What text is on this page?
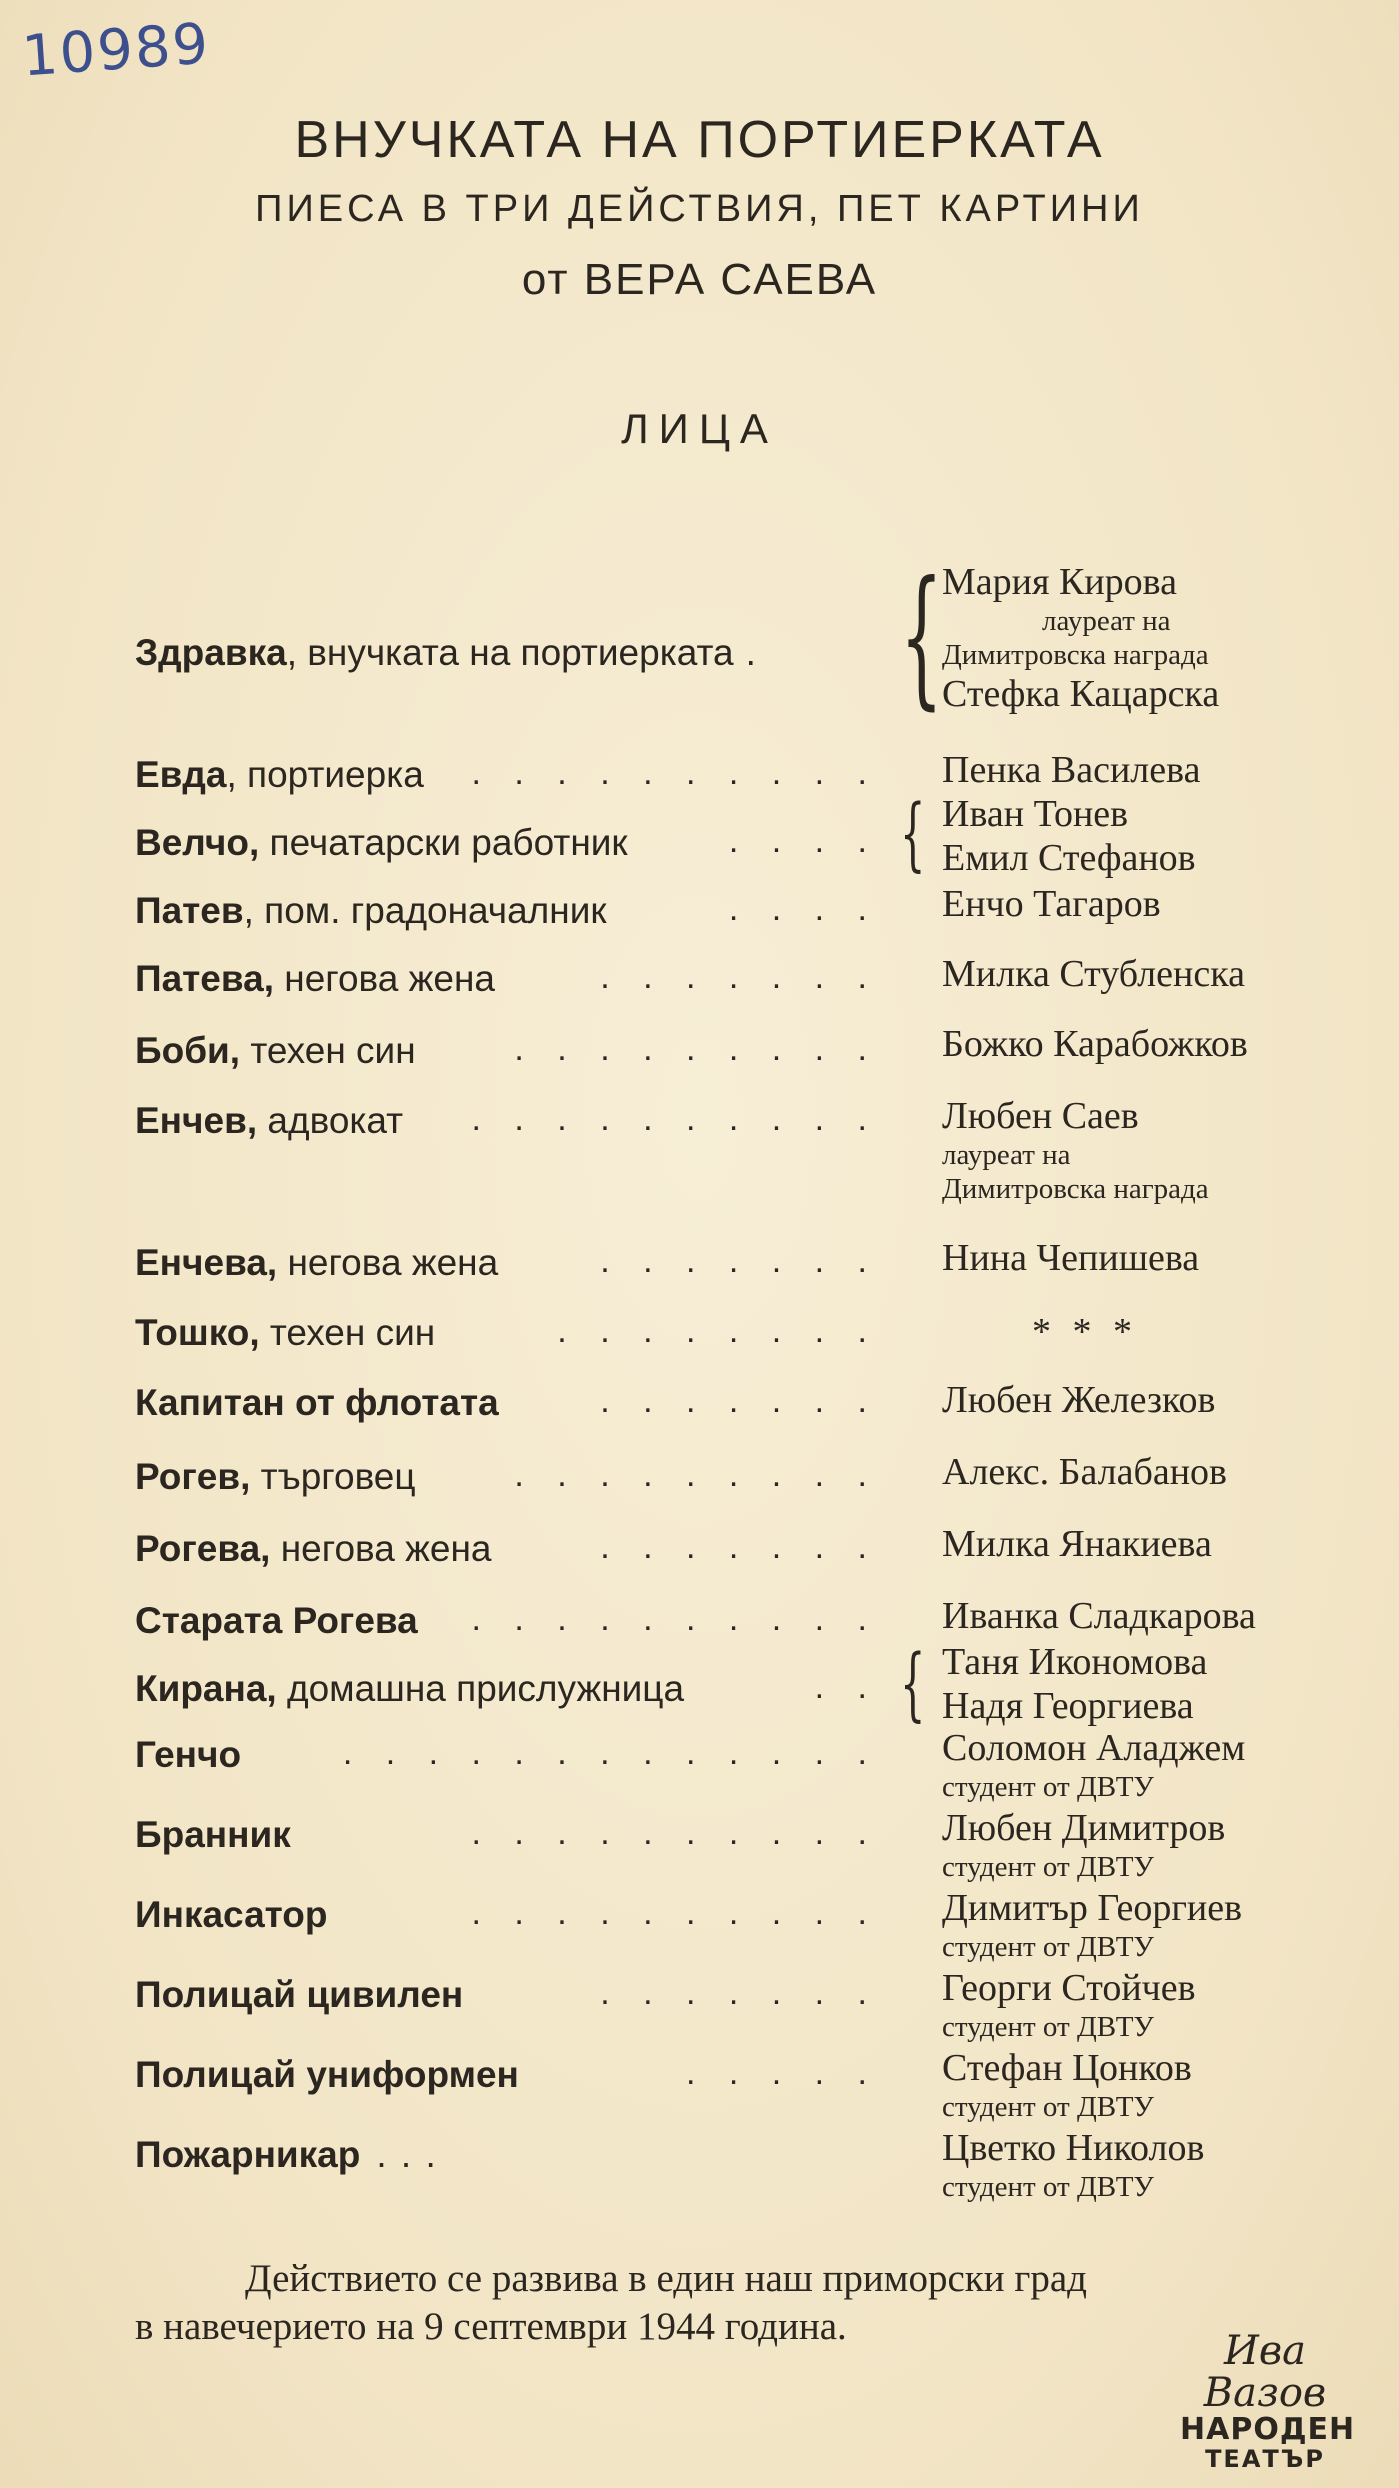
10989
ВНУЧКАТА НА ПОРТИЕРКАТА
ПИЕСА В ТРИ ДЕЙСТВИЯ, ПЕТ КАРТИНИ
от ВЕРА САЕВА
ЛИЦА
Здравка, внучката на портиерката . { Мария Кирова
лауреат на
Димитровска награда
Стефка Кацарска
Евда, портиерка . . . . . . . . . . Пенка Василева
Велчо, печатарски работник	. . . . { Иван Тонев
Емил Стефанов
Патев, пом. градоначалник	. . . . Енчо Тагаров
Патева, негова жена	. . . . . . . Милка Стубленска
Боби, техен син	. . . . . . . . . Божко Карабожков
Енчев, адвокат . . . . . . . . . . Любен Саев
лауреат на
Димитровска награда
Енчева, негова жена	. . . . . . . Нина Чепишева
Тошко, техен син	. . . . . . . .	* * *
Капитан от флотата	. . . . . . . Любен Железков
Рогев, търговец	. . . . . . . . . Алекс. Балабанов
Рогева, негова жена	. . . . . . . Милка Янакиева
Старата Рогева . . . . . . . . . . Иванка Сладкарова
Кирана, домашна прислужница	. . { Таня Икономова
Надя Георгиева
Генчо	. . . . . . . . . . . . . Соломон Аладжем
студент от ДВТУ
Бранник	. . . . . . . . . . Любен Димитров
студент от ДВТУ
Инкасатор	. . . . . . . . . . Димитър Георгиев
студент от ДВТУ
Полицай цивилен	. . . . . . . Георги Стойчев
студент от ДВТУ
Полицай униформен	. . . . . Стефан Цонков
студент от ДВТУ
Пожарникар . . .	Цветко Николов
студент от ДВТУ

Действието се развива в един наш приморски град

в навечерието на 9 септември 1944 година.

Ива Вазов
НАРОДЕН
ТЕАТЪР
